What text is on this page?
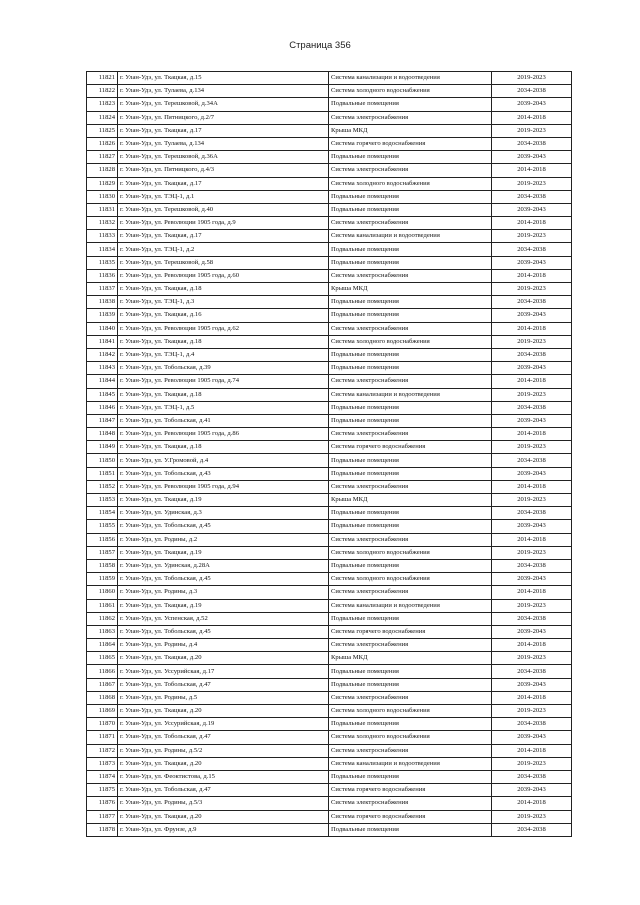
Страница 356
11821	г. Улан-Удэ, ул. Ткацкая, д.15	Система канализации и водоотведения	2019-2023
11822	г. Улан-Удэ, ул. Тулаева, д.134	Система холодного водоснабжения	2034-2038
11823	г. Улан-Удэ, ул. Терешковой, д.34А	Подвальные помещения	2039-2043
11824	г. Улан-Удэ, ул. Пятницкого, д.2/7	Система электроснабжения	2014-2018
11825	г. Улан-Удэ, ул. Ткацкая, д.17	Крыша МКД	2019-2023
11826	г. Улан-Удэ, ул. Тулаева, д.134	Система горячего водоснабжения	2034-2038
11827	г. Улан-Удэ, ул. Терешковой, д.36А	Подвальные помещения	2039-2043
11828	г. Улан-Удэ, ул. Пятницкого, д.4/3	Система электроснабжения	2014-2018
11829	г. Улан-Удэ, ул. Ткацкая, д.17	Система холодного водоснабжения	2019-2023
11830	г. Улан-Удэ, ул. ТЭЦ-1, д.1	Подвальные помещения	2034-2038
11831	г. Улан-Удэ, ул. Терешковой, д.40	Подвальные помещения	2039-2043
11832	г. Улан-Удэ, ул. Революции 1905 года, д.9	Система электроснабжения	2014-2018
11833	г. Улан-Удэ, ул. Ткацкая, д.17	Система канализации и водоотведения	2019-2023
11834	г. Улан-Удэ, ул. ТЭЦ-1, д.2	Подвальные помещения	2034-2038
11835	г. Улан-Удэ, ул. Терешковой, д.58	Подвальные помещения	2039-2043
11836	г. Улан-Удэ, ул. Революции 1905 года, д.60	Система электроснабжения	2014-2018
11837	г. Улан-Удэ, ул. Ткацкая, д.18	Крыша МКД	2019-2023
11838	г. Улан-Удэ, ул. ТЭЦ-1, д.3	Подвальные помещения	2034-2038
11839	г. Улан-Удэ, ул. Ткацкая, д.16	Подвальные помещения	2039-2043
11840	г. Улан-Удэ, ул. Революции 1905 года, д.62	Система электроснабжения	2014-2018
11841	г. Улан-Удэ, ул. Ткацкая, д.18	Система холодного водоснабжения	2019-2023
11842	г. Улан-Удэ, ул. ТЭЦ-1, д.4	Подвальные помещения	2034-2038
11843	г. Улан-Удэ, ул. Тобольская, д.39	Подвальные помещения	2039-2043
11844	г. Улан-Удэ, ул. Революции 1905 года, д.74	Система электроснабжения	2014-2018
11845	г. Улан-Удэ, ул. Ткацкая, д.18	Система канализации и водоотведения	2019-2023
11846	г. Улан-Удэ, ул. ТЭЦ-1, д.5	Подвальные помещения	2034-2038
11847	г. Улан-Удэ, ул. Тобольская, д.41	Подвальные помещения	2039-2043
11848	г. Улан-Удэ, ул. Революции 1905 года, д.86	Система электроснабжения	2014-2018
11849	г. Улан-Удэ, ул. Ткацкая, д.18	Система горячего водоснабжения	2019-2023
11850	г. Улан-Удэ, ул. У.Громовой, д.4	Подвальные помещения	2034-2038
11851	г. Улан-Удэ, ул. Тобольская, д.43	Подвальные помещения	2039-2043
11852	г. Улан-Удэ, ул. Революции 1905 года, д.94	Система электроснабжения	2014-2018
11853	г. Улан-Удэ, ул. Ткацкая, д.19	Крыша МКД	2019-2023
11854	г. Улан-Удэ, ул. Удинская, д.3	Подвальные помещения	2034-2038
11855	г. Улан-Удэ, ул. Тобольская, д.45	Подвальные помещения	2039-2043
11856	г. Улан-Удэ, ул. Родины, д.2	Система электроснабжения	2014-2018
11857	г. Улан-Удэ, ул. Ткацкая, д.19	Система холодного водоснабжения	2019-2023
11858	г. Улан-Удэ, ул. Удинская, д.28А	Подвальные помещения	2034-2038
11859	г. Улан-Удэ, ул. Тобольская, д.45	Система холодного водоснабжения	2039-2043
11860	г. Улан-Удэ, ул. Родины, д.3	Система электроснабжения	2014-2018
11861	г. Улан-Удэ, ул. Ткацкая, д.19	Система канализации и водоотведения	2019-2023
11862	г. Улан-Удэ, ул. Успенская, д.52	Подвальные помещения	2034-2038
11863	г. Улан-Удэ, ул. Тобольская, д.45	Система горячего водоснабжения	2039-2043
11864	г. Улан-Удэ, ул. Родины, д.4	Система электроснабжения	2014-2018
11865	г. Улан-Удэ, ул. Ткацкая, д.20	Крыша МКД	2019-2023
11866	г. Улан-Удэ, ул. Уссурийская, д.17	Подвальные помещения	2034-2038
11867	г. Улан-Удэ, ул. Тобольская, д.47	Подвальные помещения	2039-2043
11868	г. Улан-Удэ, ул. Родины, д.5	Система электроснабжения	2014-2018
11869	г. Улан-Удэ, ул. Ткацкая, д.20	Система холодного водоснабжения	2019-2023
11870	г. Улан-Удэ, ул. Уссурийская, д.19	Подвальные помещения	2034-2038
11871	г. Улан-Удэ, ул. Тобольская, д.47	Система холодного водоснабжения	2039-2043
11872	г. Улан-Удэ, ул. Родины, д.5/2	Система электроснабжения	2014-2018
11873	г. Улан-Удэ, ул. Ткацкая, д.20	Система канализации и водоотведения	2019-2023
11874	г. Улан-Удэ, ул. Феоктистова, д.15	Подвальные помещения	2034-2038
11875	г. Улан-Удэ, ул. Тобольская, д.47	Система горячего водоснабжения	2039-2043
11876	г. Улан-Удэ, ул. Родины, д.5/3	Система электроснабжения	2014-2018
11877	г. Улан-Удэ, ул. Ткацкая, д.20	Система горячего водоснабжения	2019-2023
11878	г. Улан-Удэ, ул. Фрунзе, д.9	Подвальные помещения	2034-2038
